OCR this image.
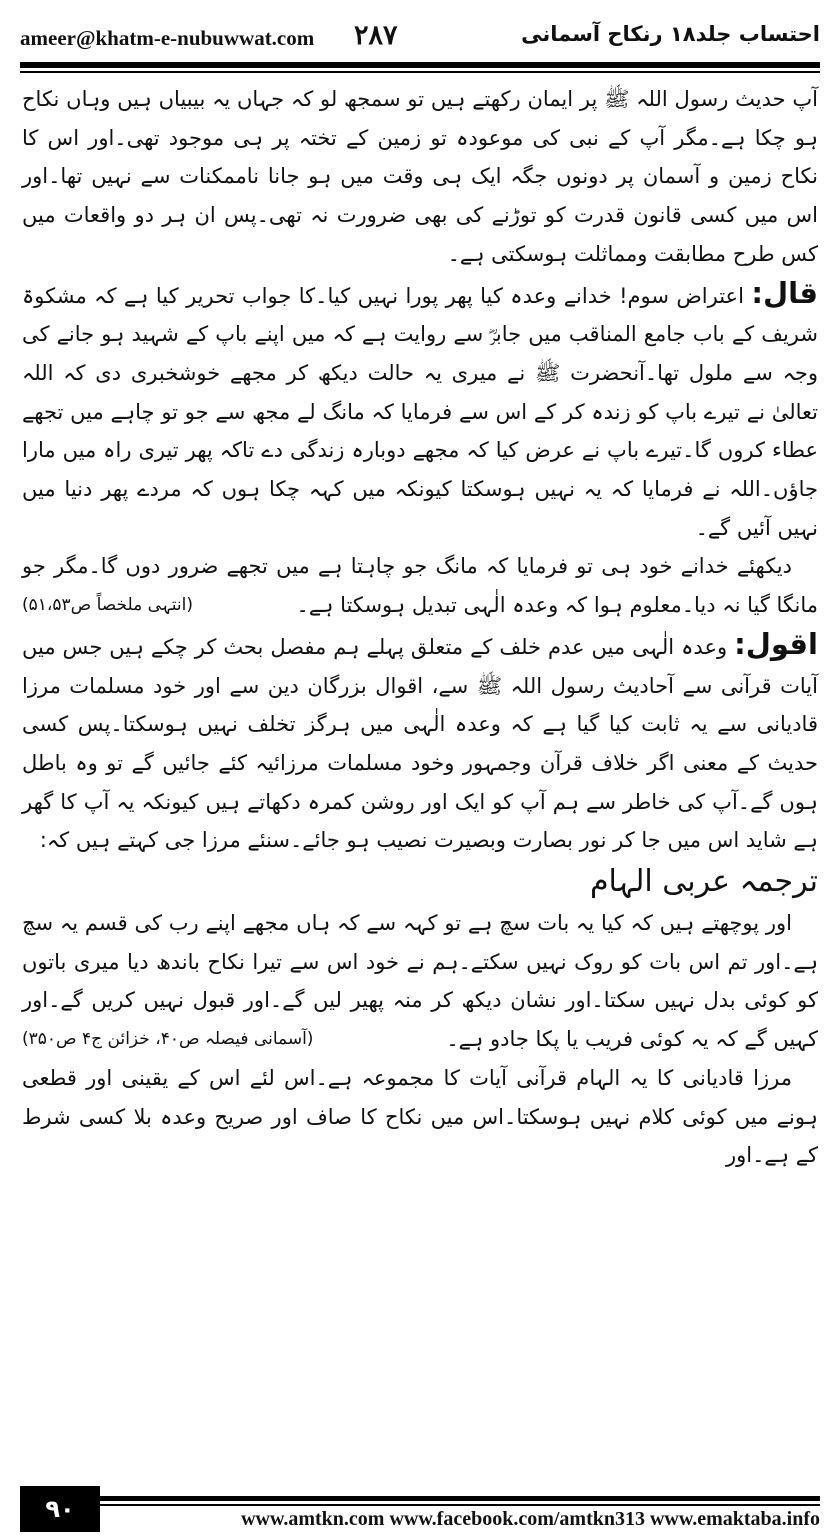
ameer@khatm-e-nubuwwat.com ٢٨٧	احتساب جلد۱۸ رنکاح آسمانی

آپ حدیث رسول اللہ ﷺ پر ایمان رکھتے ہیں تو سمجھ لو کہ جہاں یہ بیبیاں ہیں وہاں نکاح ہو چکا ہے۔مگر آپ کے نبی کی موعودہ تو زمین کے تختہ پر ہی موجود تھی۔اور اس کا نکاح زمین و آسمان پر دونوں جگہ ایک ہی وقت میں ہو جانا ناممکنات سے نہیں تھا۔اور اس میں کسی قانون قدرت کو توڑنے کی بھی ضرورت نہ تھی۔پس ان ہر دو واقعات میں کس طرح مطابقت ومماثلت ہوسکتی ہے۔

قال: اعتراض سوم! خدانے وعدہ کیا پھر پورا نہیں کیا۔کا جواب تحریر کیا ہے کہ مشکوۃ شریف کے باب جامع المناقب میں جابرؓ سے روایت ہے کہ میں اپنے باپ کے شہید ہو جانے کی وجہ سے ملول تھا۔آنحضرت ﷺ نے میری یہ حالت دیکھ کر مجھے خوشخبری دی کہ اللہ تعالیٰ نے تیرے باپ کو زندہ کر کے اس سے فرمایا کہ مانگ لے مجھ سے جو تو چاہے میں تجھے عطاء کروں گا۔تیرے باپ نے عرض کیا کہ مجھے دوبارہ زندگی دے تاکہ پھر تیری راہ میں مارا جاؤں۔اللہ نے فرمایا کہ یہ نہیں ہوسکتا کیونکہ میں کہہ چکا ہوں کہ مردے پھر دنیا میں نہیں آئیں گے۔

دیکھئے خدانے خود ہی تو فرمایا کہ مانگ جو چاہتا ہے میں تجھے ضرور دوں گا۔مگر جو مانگا گیا نہ دیا۔معلوم ہوا کہ وعدہ الٰہی تبدیل ہوسکتا ہے۔
(انتہی ملخصاً ص۵۱،۵۳)

اقول: وعدہ الٰہی میں عدم خلف کے متعلق پہلے ہم مفصل بحث کر چکے ہیں جس میں آیات قرآنی سے آحادیث رسول اللہ ﷺ سے، اقوال بزرگان دین سے اور خود مسلمات مرزا قادیانی سے یہ ثابت کیا گیا ہے کہ وعدہ الٰہی میں ہرگز تخلف نہیں ہوسکتا۔پس کسی حدیث کے معنی اگر خلاف قرآن وجمہور وخود مسلمات مرزائیہ کئے جائیں گے تو وہ باطل ہوں گے۔آپ کی خاطر سے ہم آپ کو ایک اور روشن کمرہ دکھاتے ہیں کیونکہ یہ آپ کا گھر ہے شاید اس میں جا کر نور بصارت وبصیرت نصیب ہو جائے۔سنئے مرزا جی کہتے ہیں کہ:

ترجمہ عربی الہام

اور پوچھتے ہیں کہ کیا یہ بات سچ ہے تو کہہ سے کہ ہاں مجھے اپنے رب کی قسم یہ سچ ہے۔اور تم اس بات کو روک نہیں سکتے۔ہم نے خود اس سے تیرا نکاح باندھ دیا میری باتوں کو کوئی بدل نہیں سکتا۔اور نشان دیکھ کر منہ پھیر لیں گے۔اور قبول نہیں کریں گے۔اور کہیں گے کہ یہ کوئی فریب یا پکا جادو ہے۔
(آسمانی فیصلہ ص۴۰، خزائن ج۴ ص۳۵۰)

مرزا قادیانی کا یہ الہام قرآنی آیات کا مجموعہ ہے۔اس لئے اس کے یقینی اور قطعی ہونے میں کوئی کلام نہیں ہوسکتا۔اس میں نکاح کا صاف اور صریح وعدہ بلا کسی شرط کے ہے۔اور

۹۰	www.amtkn.com www.facebook.com/amtkn313 www.emaktaba.info
